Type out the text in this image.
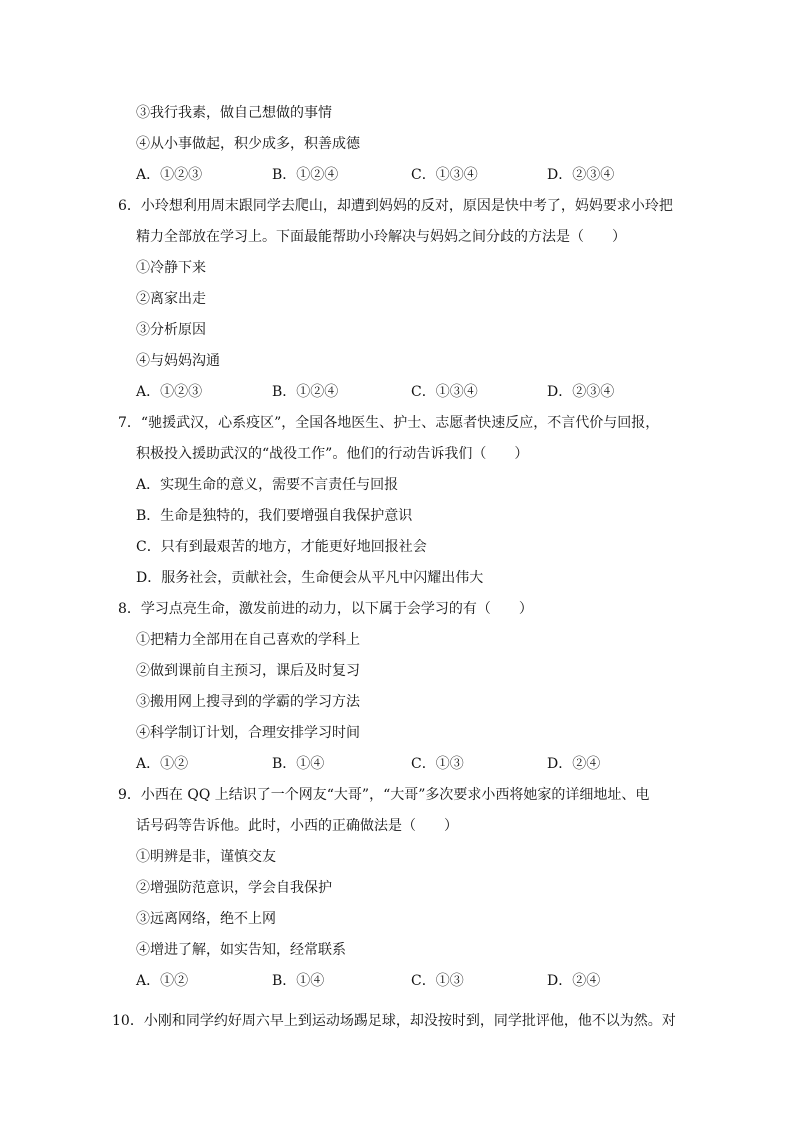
③我行我素，做自己想做的事情
④从小事做起，积少成多，积善成德
A．①②③	B．①②④	C．①③④	D．②③④
6．小玲想利用周末跟同学去爬山，却遭到妈妈的反对，原因是快中考了，妈妈要求小玲把
精力全部放在学习上。下面最能帮助小玲解决与妈妈之间分歧的方法是（　　）
①冷静下来
②离家出走
③分析原因
④与妈妈沟通
A．①②③	B．①②④	C．①③④	D．②③④
7．“驰援武汉，心系疫区”，全国各地医生、护士、志愿者快速反应，不言代价与回报，
积极投入援助武汉的“战役工作”。他们的行动告诉我们（　　）
A．实现生命的意义，需要不言责任与回报
B．生命是独特的，我们要增强自我保护意识
C．只有到最艰苦的地方，才能更好地回报社会
D．服务社会，贡献社会，生命便会从平凡中闪耀出伟大
8．学习点亮生命，激发前进的动力，以下属于会学习的有（　　）
①把精力全部用在自己喜欢的学科上
②做到课前自主预习，课后及时复习
③搬用网上搜寻到的学霸的学习方法
④科学制订计划，合理安排学习时间
A．①②	B．①④	C．①③	D．②④
9．小西在 QQ 上结识了一个网友“大哥”，“大哥”多次要求小西将她家的详细地址、电
话号码等告诉他。此时，小西的正确做法是（　　）
①明辨是非，谨慎交友
②增强防范意识，学会自我保护
③远离网络，绝不上网
④增进了解，如实告知，经常联系
A．①②	B．①④	C．①③	D．②④
10．小刚和同学约好周六早上到运动场踢足球，却没按时到，同学批评他，他不以为然。对
